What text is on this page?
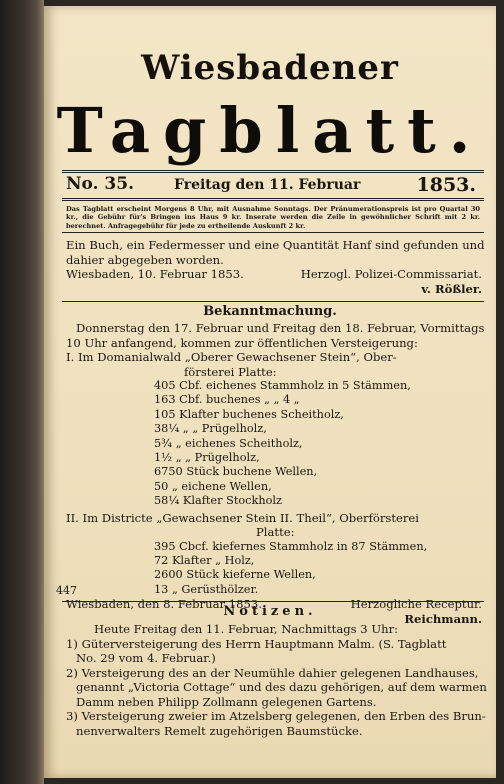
Wiesbadener
Tagblatt.
No. 35.	Freitag den 11. Februar	1853.
Das Tagblatt erscheint Morgens 8 Uhr, mit Ausnahme Sonntags. Der Pränumerationspreis ist pro Quartal 30 kr., die Gebühr für's Bringen ins Haus 9 kr. Inserate werden die Zeile in gewöhnlicher Schrift mit 2 kr. berechnet. Anfragegebühr für jede zu ertheilende Auskunft 2 kr.
Ein Buch, ein Federmesser und eine Quantität Hanf sind gefunden und
dahier abgegeben worden.
Wiesbaden, 10. Februar 1853.	Herzogl. Polizei-Commissariat.
v. Rößler.
Bekanntmachung.
Donnerstag den 17. Februar und Freitag den 18. Februar, Vormittags
10 Uhr anfangend, kommen zur öffentlichen Versteigerung:
I. Im Domanialwald „Oberer Gewachsener Stein“, Ober-
försterei Platte:
405 Cbf. eichenes Stammholz in 5 Stämmen,
163 Cbf. buchenes „ „ 4 „
105 Klafter buchenes Scheitholz,
38¼ „ „ Prügelholz,
5¾ „ eichenes Scheitholz,
1½ „ „ Prügelholz,
6750 Stück buchene Wellen,
50 „ eichene Wellen,
58¼ Klafter Stockholz
II. Im Districte „Gewachsener Stein II. Theil“, Oberförsterei
Platte:
395 Cbcf. kiefernes Stammholz in 87 Stämmen,
72 Klafter „ Holz,
2600 Stück kieferne Wellen,
13 „ Gerüsthölzer.
Wiesbaden, den 8. Februar 1853.	Herzogliche Receptur.
Reichmann.
447
Notizen.
Heute Freitag den 11. Februar, Nachmittags 3 Uhr:
1) Güterversteigerung des Herrn Hauptmann Malm. (S. Tagblatt
No. 29 vom 4. Februar.)
2) Versteigerung des an der Neumühle dahier gelegenen Landhauses,
genannt „Victoria Cottage“ und des dazu gehörigen, auf dem warmen
Damm neben Philipp Zollmann gelegenen Gartens.
3) Versteigerung zweier im Atzelsberg gelegenen, den Erben des Brun-
nenverwalters Remelt zugehörigen Baumstücke.
